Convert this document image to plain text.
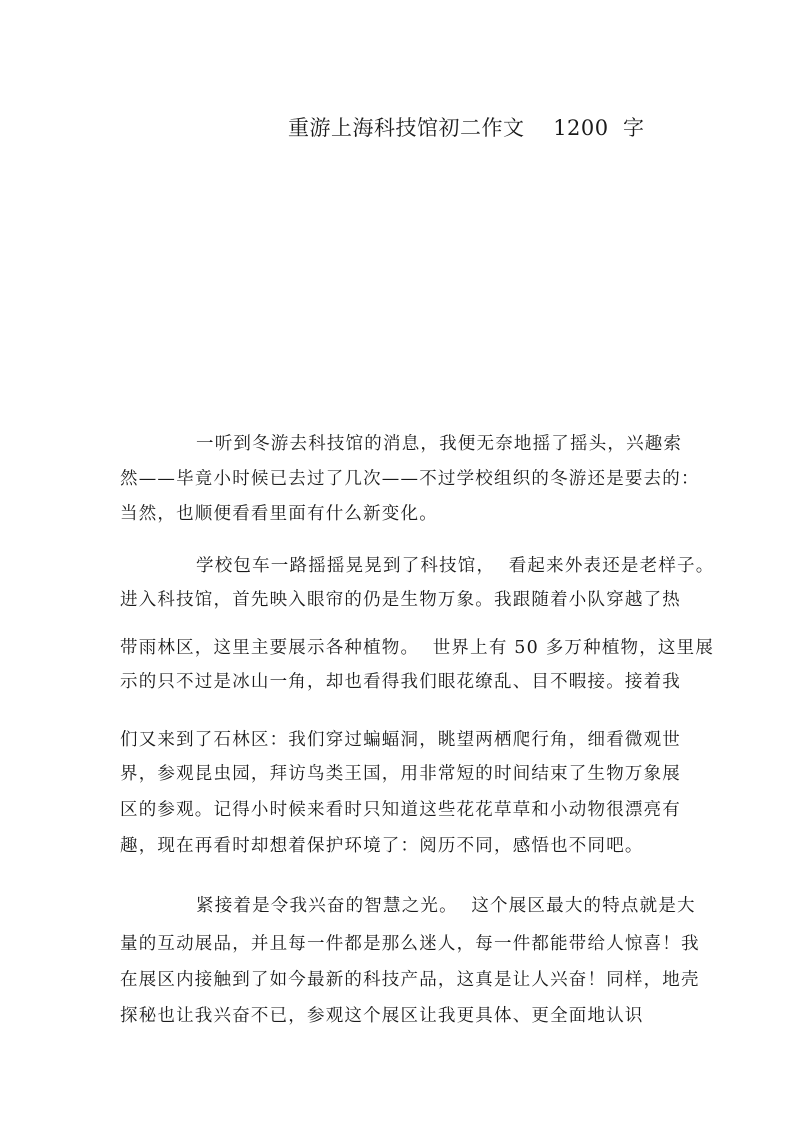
重游上海科技馆初二作文    1200  字
一听到冬游去科技馆的消息，我便无奈地摇了摇头，兴趣索
然——毕竟小时候已去过了几次——不过学校组织的冬游还是要去的：
当然，也顺便看看里面有什么新变化。
学校包车一路摇摇晃晃到了科技馆，  看起来外表还是老样子。
进入科技馆，首先映入眼帘的仍是生物万象。我跟随着小队穿越了热
带雨林区，这里主要展示各种植物。  世界上有 50 多万种植物，这里展
示的只不过是冰山一角，却也看得我们眼花缭乱、目不暇接。接着我
们又来到了石林区：我们穿过蝙蝠洞，眺望两栖爬行角，细看微观世
界，参观昆虫园，拜访鸟类王国，用非常短的时间结束了生物万象展
区的参观。记得小时候来看时只知道这些花花草草和小动物很漂亮有
趣，现在再看时却想着保护环境了：阅历不同，感悟也不同吧。
紧接着是令我兴奋的智慧之光。  这个展区最大的特点就是大
量的互动展品，并且每一件都是那么迷人，每一件都能带给人惊喜！我
在展区内接触到了如今最新的科技产品，这真是让人兴奋！同样，地壳
探秘也让我兴奋不已，参观这个展区让我更具体、更全面地认识
